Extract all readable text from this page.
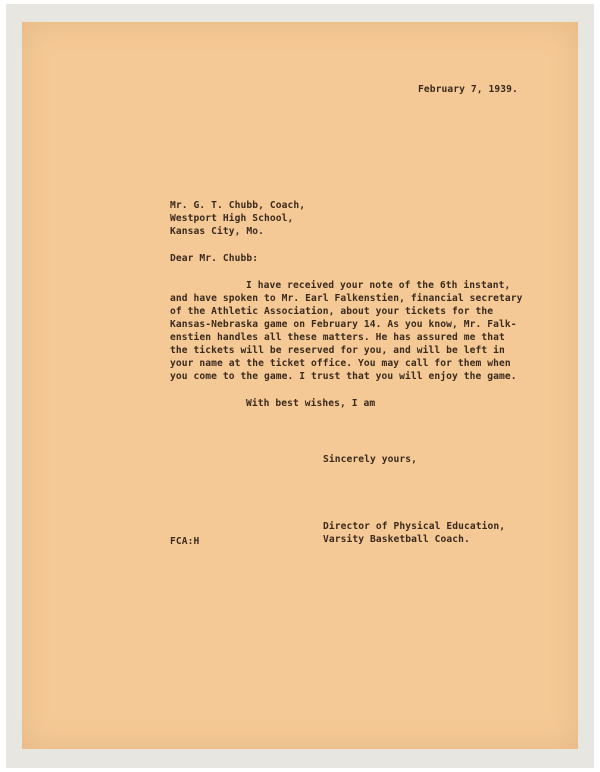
February 7, 1939.
Mr. G. T. Chubb, Coach,
Westport High School,
Kansas City, Mo.
Dear Mr. Chubb:
I have received your note of the 6th instant,
and have spoken to Mr. Earl Falkenstien, financial secretary
of the Athletic Association, about your tickets for the
Kansas-Nebraska game on February 14. As you know, Mr. Falk-
enstien handles all these matters. He has assured me that
the tickets will be reserved for you, and will be left in
your name at the ticket office. You may call for them when
you come to the game. I trust that you will enjoy the game.
With best wishes, I am
Sincerely yours,
FCA:H
Director of Physical Education,
Varsity Basketball Coach.
